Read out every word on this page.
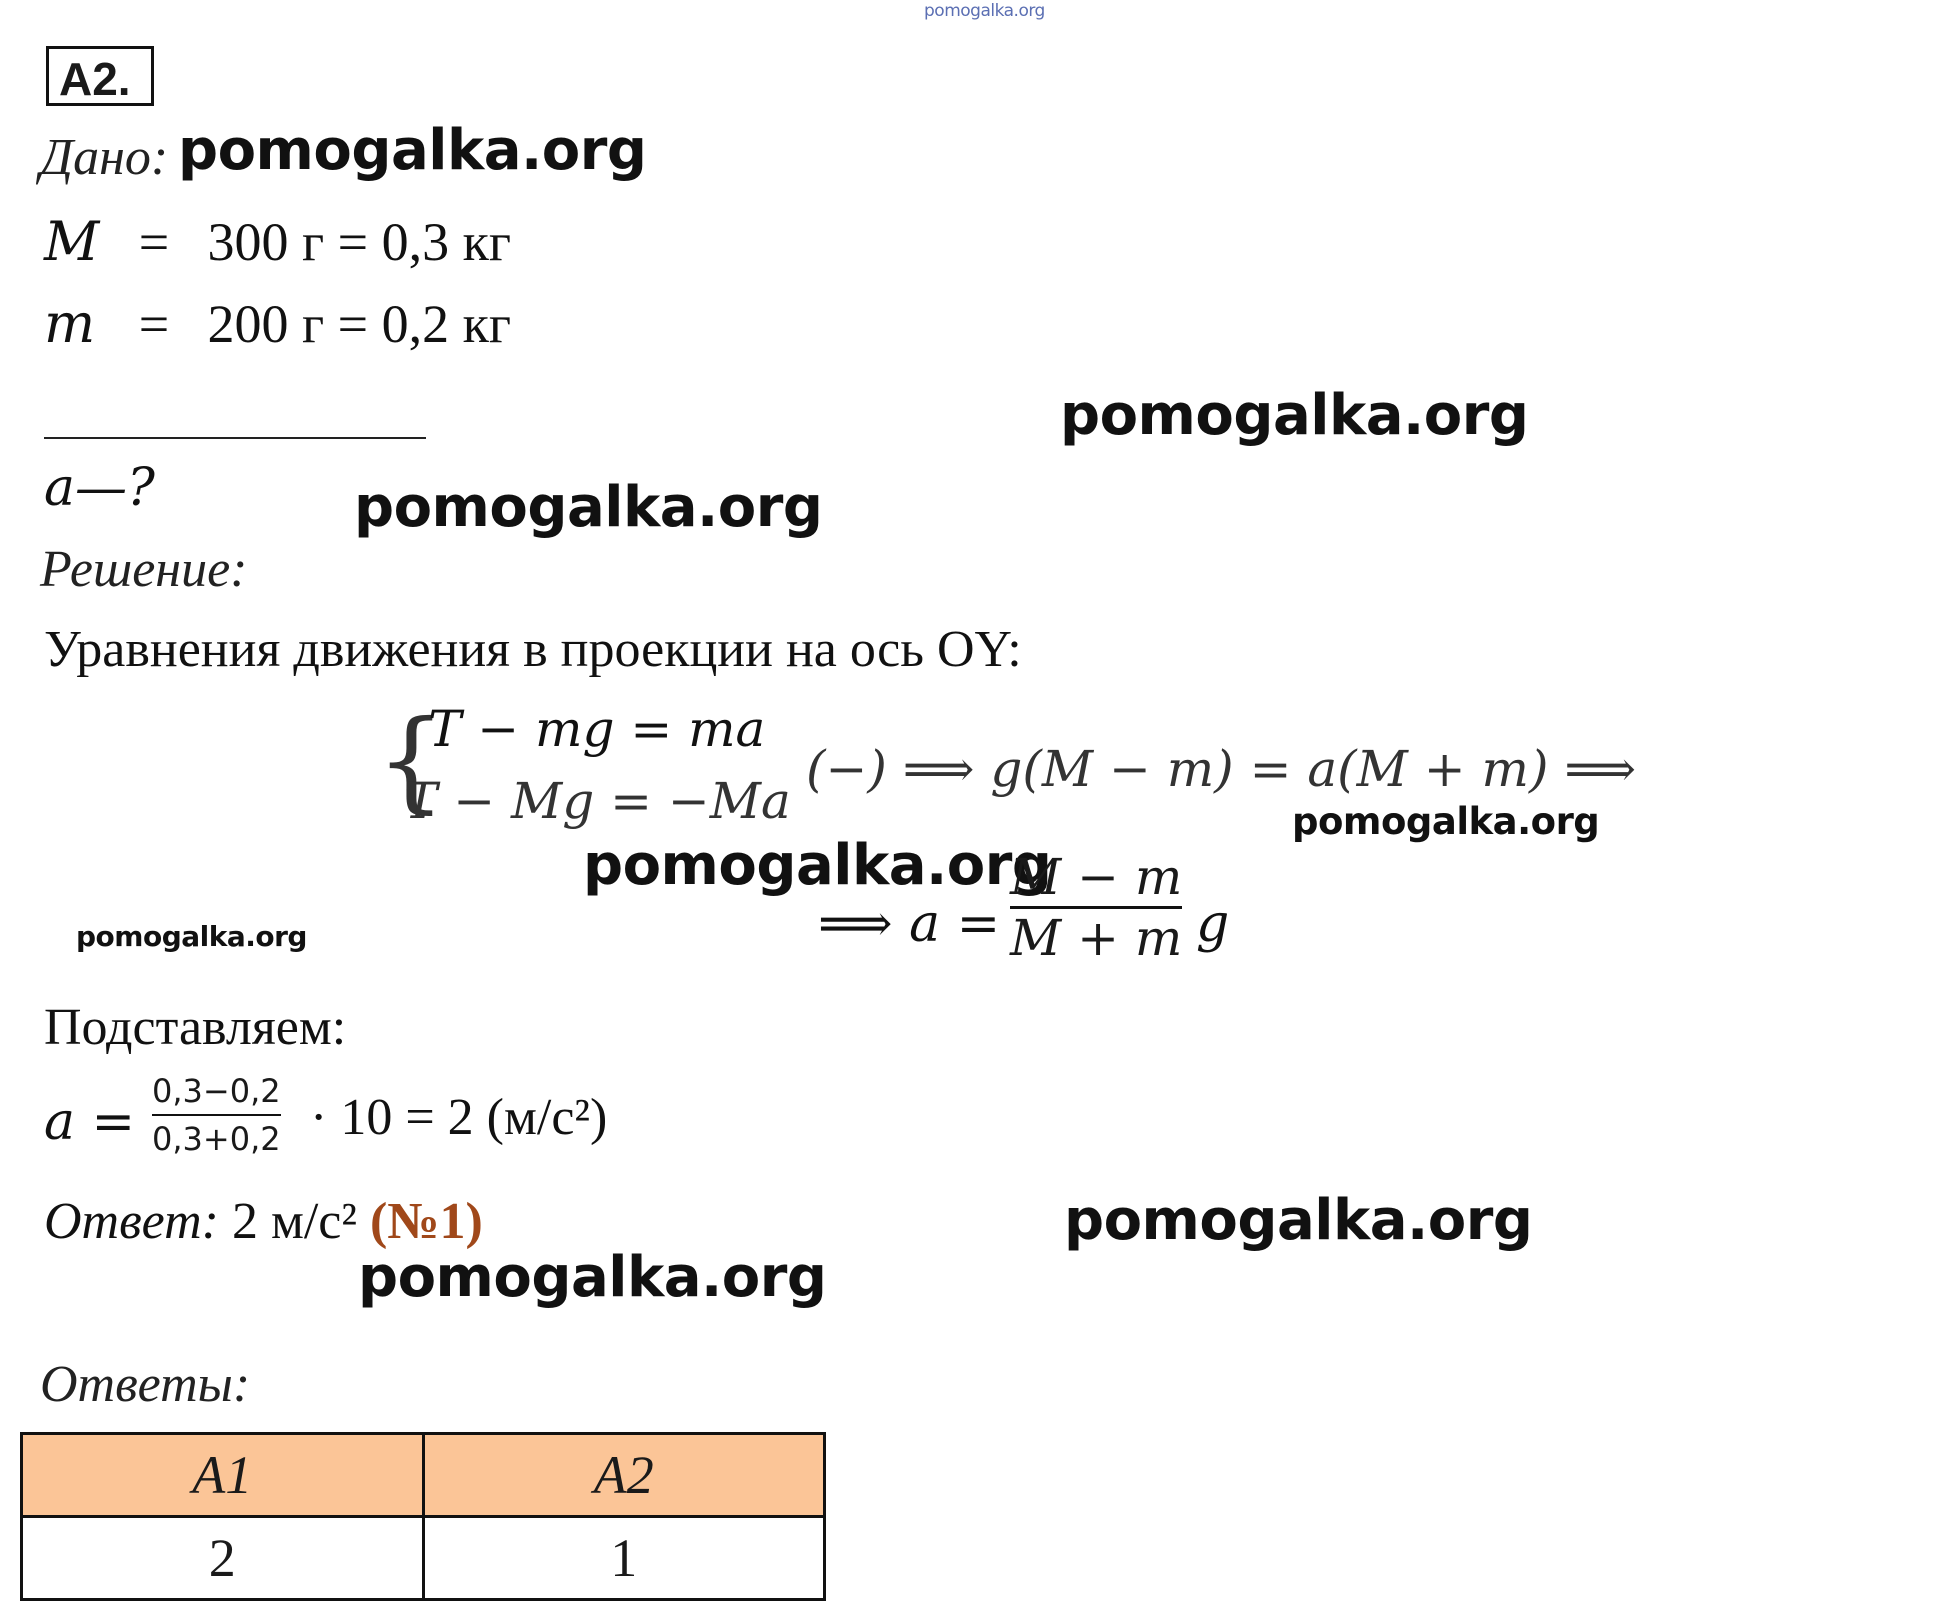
pomogalka.org
pomogalka.org
pomogalka.org
pomogalka.org
pomogalka.org
pomogalka.org
pomogalka.org
pomogalka.org
pomogalka.org
А2.
Дано:
M = 300 г = 0,3 кг
m = 200 г = 0,2 кг
a—?
Решение:
Уравнения движения в проекции на ось OY:
{
T − mg = ma
T − Mg = −Ma
(−) ⟹ g(M − m) = a(M + m) ⟹
⟹ a =
M − m
M + m g
Подставляем:
a =
0,3−0,2
0,3+0,2 · 10 = 2 (м/с²)
Ответ: 2 м/с² (№1)
Ответы:
А1	А2
2	1
